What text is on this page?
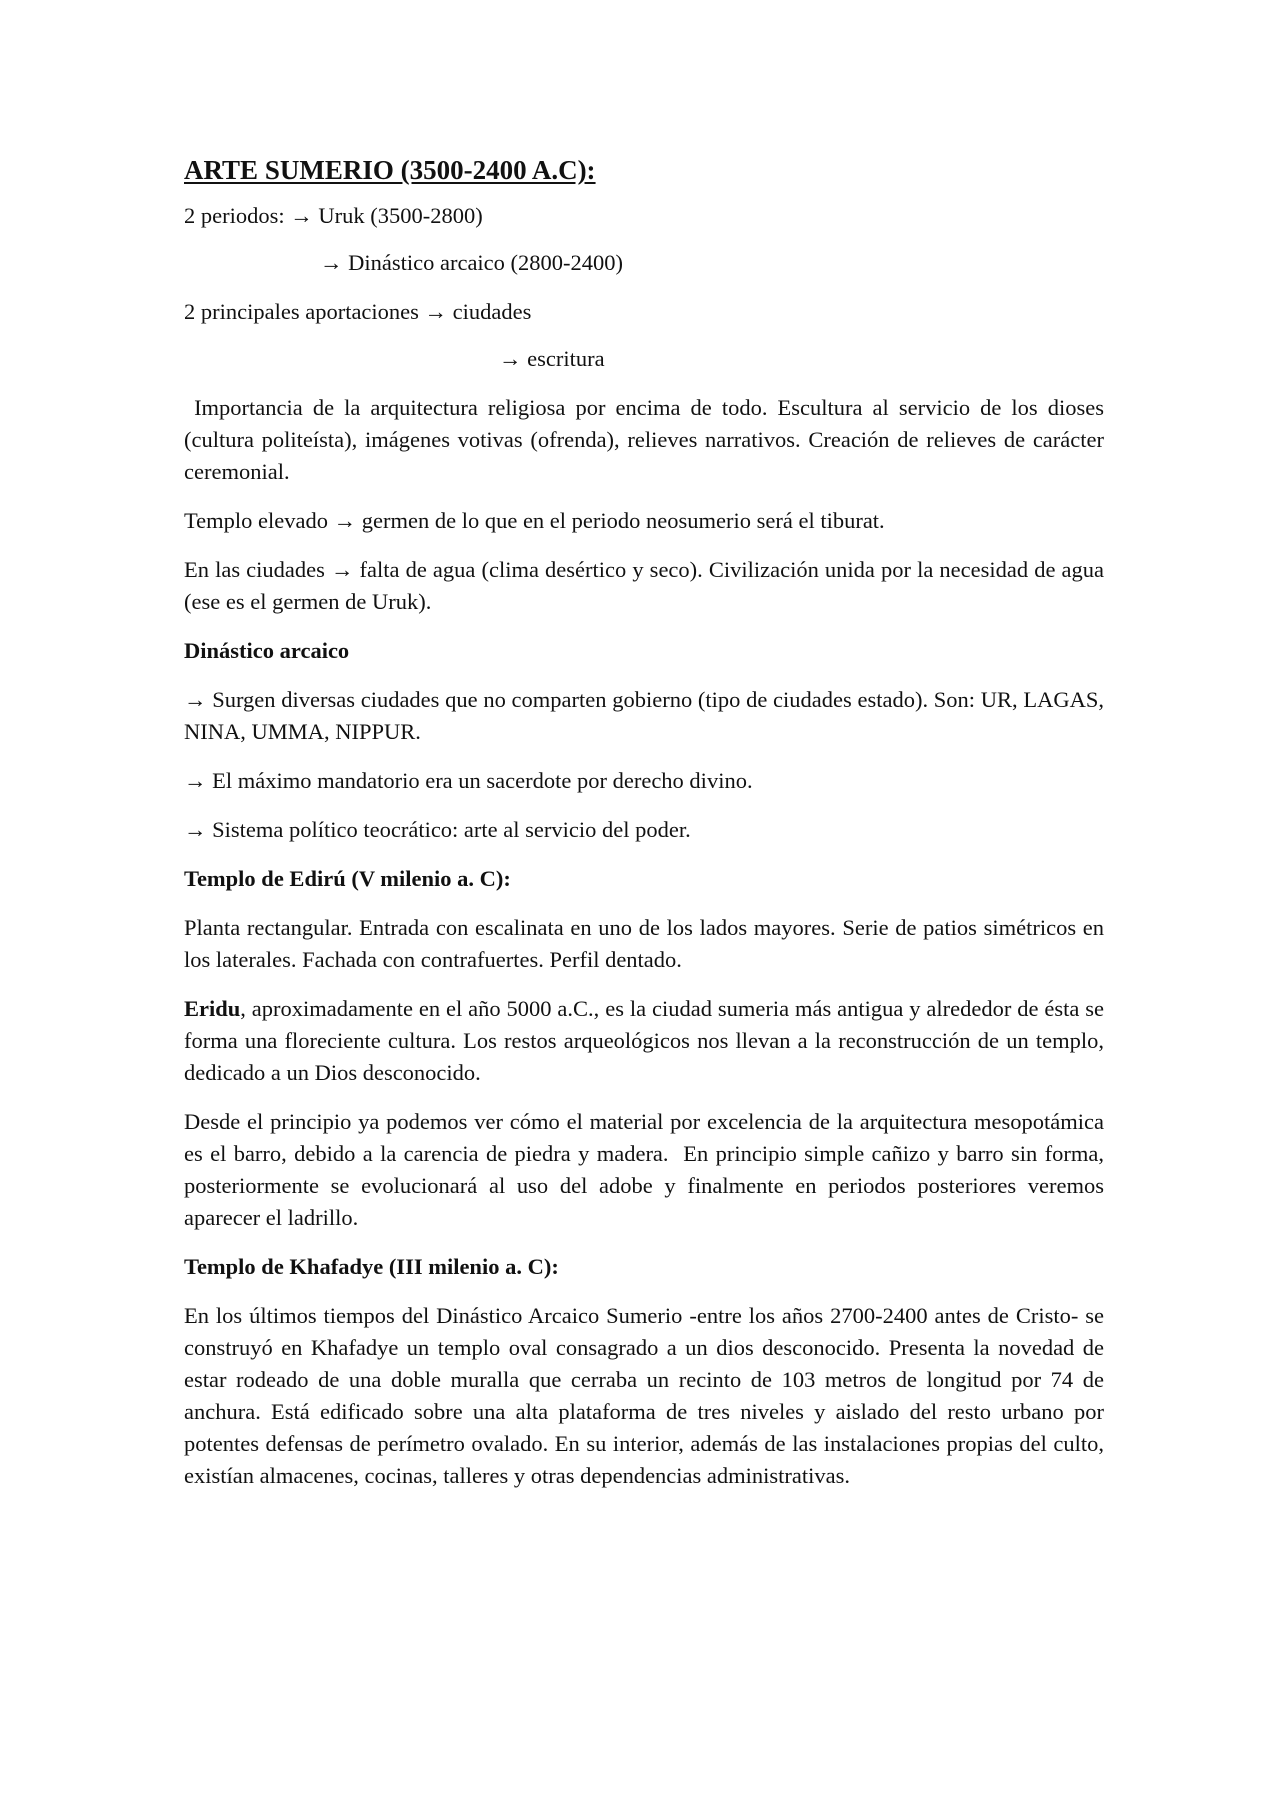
ARTE SUMERIO (3500-2400 A.C):

2 periodos: → Uruk (3500-2800)

→ Dinástico arcaico (2800-2400)

2 principales aportaciones → ciudades

→ escritura

Importancia de la arquitectura religiosa por encima de todo. Escultura al servicio de los dioses (cultura politeísta), imágenes votivas (ofrenda), relieves narrativos. Creación de relieves de carácter ceremonial.

Templo elevado → germen de lo que en el periodo neosumerio será el tiburat.

En las ciudades → falta de agua (clima desértico y seco). Civilización unida por la necesidad de agua (ese es el germen de Uruk).

Dinástico arcaico

→ Surgen diversas ciudades que no comparten gobierno (tipo de ciudades estado). Son: UR, LAGAS, NINA, UMMA, NIPPUR.

→ El máximo mandatorio era un sacerdote por derecho divino.

→ Sistema político teocrático: arte al servicio del poder.

Templo de Edirú (V milenio a. C):

Planta rectangular. Entrada con escalinata en uno de los lados mayores. Serie de patios simétricos en los laterales. Fachada con contrafuertes. Perfil dentado.

Eridu, aproximadamente en el año 5000 a.C., es la ciudad sumeria más antigua y alrededor de ésta se forma una floreciente cultura. Los restos arqueológicos nos llevan a la reconstrucción de un templo, dedicado a un Dios desconocido.

Desde el principio ya podemos ver cómo el material por excelencia de la arquitectura mesopotámica es el barro, debido a la carencia de piedra y madera.  En principio simple cañizo y barro sin forma, posteriormente se evolucionará al uso del adobe y finalmente en periodos posteriores veremos aparecer el ladrillo.

Templo de Khafadye (III milenio a. C):

En los últimos tiempos del Dinástico Arcaico Sumerio -entre los años 2700-2400 antes de Cristo- se construyó en Khafadye un templo oval consagrado a un dios desconocido. Presenta la novedad de estar rodeado de una doble muralla que cerraba un recinto de 103 metros de longitud por 74 de anchura. Está edificado sobre una alta plataforma de tres niveles y aislado del resto urbano por potentes defensas de perímetro ovalado. En su interior, además de las instalaciones propias del culto, existían almacenes, cocinas, talleres y otras dependencias administrativas.
